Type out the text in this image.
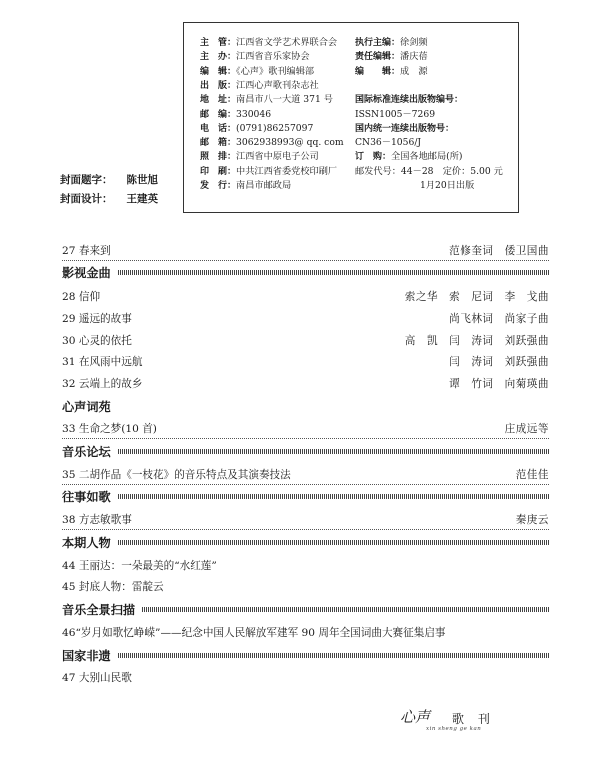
主　管：江西省文学艺术界联合会
主　办：江西省音乐家协会
编　辑：《心声》歌刊编辑部
出　版：江西心声歌刊杂志社
地　址：南昌市八一大道 371 号
邮　编：330046
电　话：(0791)86257097
邮　箱：3062938993@ qq. com
照　排：江西省中原电子公司
印　刷：中共江西省委党校印刷厂
发　行：南昌市邮政局
执行主编：徐剑频
责任编辑：潘庆蓓
编　　辑：成　源
国际标准连续出版物编号：
ISSN1005－7269
国内统一连续出版物号：
CN36－1056/J
订　购：全国各地邮局(所)
邮发代号：44－28　定价：5.00 元
1月20日出版
封面题字： 陈世旭
封面设计： 王建英
27 春来到	范修奎词　倭卫国曲
影视金曲
28 信仰	索之华　索　尼词　李　戈曲
29 遥远的故事	尚飞林词　尚家子曲
30 心灵的依托	高　凯　闫　涛词　刘跃强曲
31 在风雨中远航	闫　涛词　刘跃强曲
32 云端上的故乡	谭　竹词　向菊瑛曲
心声词苑
33 生命之梦(10 首)	庄成远等
音乐论坛
35 二胡作品《一枝花》的音乐特点及其演奏技法	范佳佳
往事如歌
38 方志敏歌事	秦庚云
本期人物
44 王丽达：一朵最美的“水红莲”
45 封底人物：雷靛云
音乐全景扫描
46“岁月如歌忆峥嵘”——纪念中国人民解放军建军 90 周年全国词曲大赛征集启事
国家非遗
47 大别山民歌
心声 歌 刊
xin sheng ge kan
